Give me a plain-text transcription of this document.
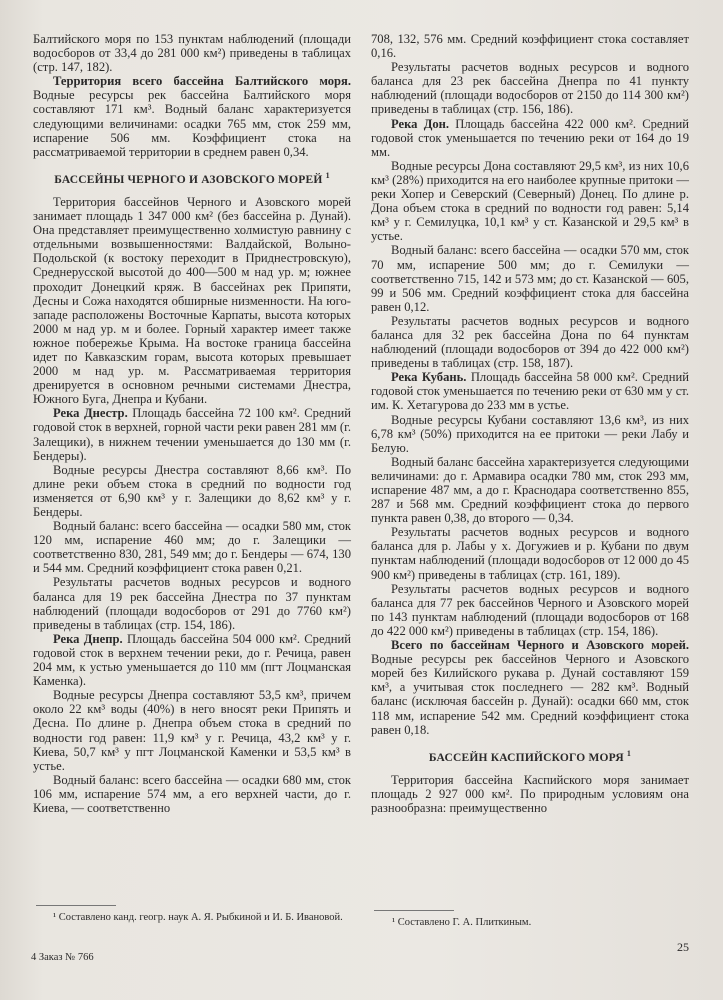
Балтийского моря по 153 пунктам наблюдений (площади водосборов от 33,4 до 281 000 км²) приведены в таблицах (стр. 147, 182).

Территория всего бассейна Балтийского моря. Водные ресурсы рек бассейна Балтийского моря составляют 171 км³. Водный баланс характеризуется следующими величинами: осадки 765 мм, сток 259 мм, испарение 506 мм. Коэффициент стока на рассматриваемой территории в среднем равен 0,34.

БАССЕЙНЫ ЧЕРНОГО И АЗОВСКОГО МОРЕЙ $^1$

Территория бассейнов Черного и Азовского морей занимает площадь 1 347 000 км² (без бассейна р. Дунай). Она представляет преимущественно холмистую равнину с отдельными возвышенностями: Валдайской, Волыно-Подольской (к востоку переходит в Приднестровскую), Среднерусской высотой до 400—500 м над ур. м; южнее проходит Донецкий кряж. В бассейнах рек Припяти, Десны и Сожа находятся обширные низменности. На юго-западе расположены Восточные Карпаты, высота которых 2000 м над ур. м и более. Горный характер имеет также южное побережье Крыма. На востоке граница бассейна идет по Кавказским горам, высота которых превышает 2000 м над ур. м. Рассматриваемая территория дренируется в основном речными системами Днестра, Южного Буга, Днепра и Кубани.

Река Днестр. Площадь бассейна 72 100 км². Средний годовой сток в верхней, горной части реки равен 281 мм (г. Залещики), в нижнем течении уменьшается до 130 мм (г. Бендеры).

Водные ресурсы Днестра составляют 8,66 км³. По длине реки объем стока в средний по водности год изменяется от 6,90 км³ у г. Залещики до 8,62 км³ у г. Бендеры.

Водный баланс: всего бассейна — осадки 580 мм, сток 120 мм, испарение 460 мм; до г. Залещики — соответственно 830, 281, 549 мм; до г. Бендеры — 674, 130 и 544 мм. Средний коэффициент стока равен 0,21.

Результаты расчетов водных ресурсов и водного баланса для 19 рек бассейна Днестра по 37 пунктам наблюдений (площади водосборов от 291 до 7760 км²) приведены в таблицах (стр. 154, 186).

Река Днепр. Площадь бассейна 504 000 км². Средний годовой сток в верхнем течении реки, до г. Речица, равен 204 мм, к устью уменьшается до 110 мм (пгт Лоцманская Каменка).

Водные ресурсы Днепра составляют 53,5 км³, причем около 22 км³ воды (40%) в него вносят реки Припять и Десна. По длине р. Днепра объем стока в средний по водности год равен: 11,9 км³ у г. Речица, 43,2 км³ у г. Киева, 50,7 км³ у пгт Лоцманской Каменки и 53,5 км³ в устье.

Водный баланс: всего бассейна — осадки 680 мм, сток 106 мм, испарение 574 мм, а его верхней части, до г. Киева, — соответственно

708, 132, 576 мм. Средний коэффициент стока составляет 0,16.

Результаты расчетов водных ресурсов и водного баланса для 23 рек бассейна Днепра по 41 пункту наблюдений (площади водосборов от 2150 до 114 300 км²) приведены в таблицах (стр. 156, 186).

Река Дон. Площадь бассейна 422 000 км². Средний годовой сток уменьшается по течению реки от 164 до 19 мм.

Водные ресурсы Дона составляют 29,5 км³, из них 10,6 км³ (28%) приходится на его наиболее крупные притоки — реки Хопер и Северский (Северный) Донец. По длине р. Дона объем стока в средний по водности год равен: 5,14 км³ у г. Семилуцка, 10,1 км³ у ст. Казанской и 29,5 км³ в устье.

Водный баланс: всего бассейна — осадки 570 мм, сток 70 мм, испарение 500 мм; до г. Семилуки — соответственно 715, 142 и 573 мм; до ст. Казанской — 605, 99 и 506 мм. Средний коэффициент стока для бассейна равен 0,12.

Результаты расчетов водных ресурсов и водного баланса для 32 рек бассейна Дона по 64 пунктам наблюдений (площади водосборов от 394 до 422 000 км²) приведены в таблицах (стр. 158, 187).

Река Кубань. Площадь бассейна 58 000 км². Средний годовой сток уменьшается по течению реки от 630 мм у ст. им. К. Хетагурова до 233 мм в устье.

Водные ресурсы Кубани составляют 13,6 км³, из них 6,78 км³ (50%) приходится на ее притоки — реки Лабу и Белую.

Водный баланс бассейна характеризуется следующими величинами: до г. Армавира осадки 780 мм, сток 293 мм, испарение 487 мм, а до г. Краснодара соответственно 855, 287 и 568 мм. Средний коэффициент стока до первого пункта равен 0,38, до второго — 0,34.

Результаты расчетов водных ресурсов и водного баланса для р. Лабы у х. Догужиев и р. Кубани по двум пунктам наблюдений (площади водосборов от 12 000 до 45 900 км²) приведены в таблицах (стр. 161, 189).

Результаты расчетов водных ресурсов и водного баланса для 77 рек бассейнов Черного и Азовского морей по 143 пунктам наблюдений (площади водосборов от 168 до 422 000 км²) приведены в таблицах (стр. 154, 186).

Всего по бассейнам Черного и Азовского морей. Водные ресурсы рек бассейнов Черного и Азовского морей без Килийского рукава р. Дунай составляют 159 км³, а учитывая сток последнего — 282 км³. Водный баланс (исключая бассейн р. Дунай): осадки 660 мм, сток 118 мм, испарение 542 мм. Средний коэффициент стока равен 0,18.

БАССЕЙН КАСПИЙСКОГО МОРЯ $^1$

Территория бассейна Каспийского моря занимает площадь 2 927 000 км². По природным условиям она разнообразна: преимущественно

¹ Составлено канд. геогр. наук А. Я. Рыбкиной и И. Б. Ивановой.	¹ Составлено Г. А. Плиткиным.
4 Заказ № 766
25
